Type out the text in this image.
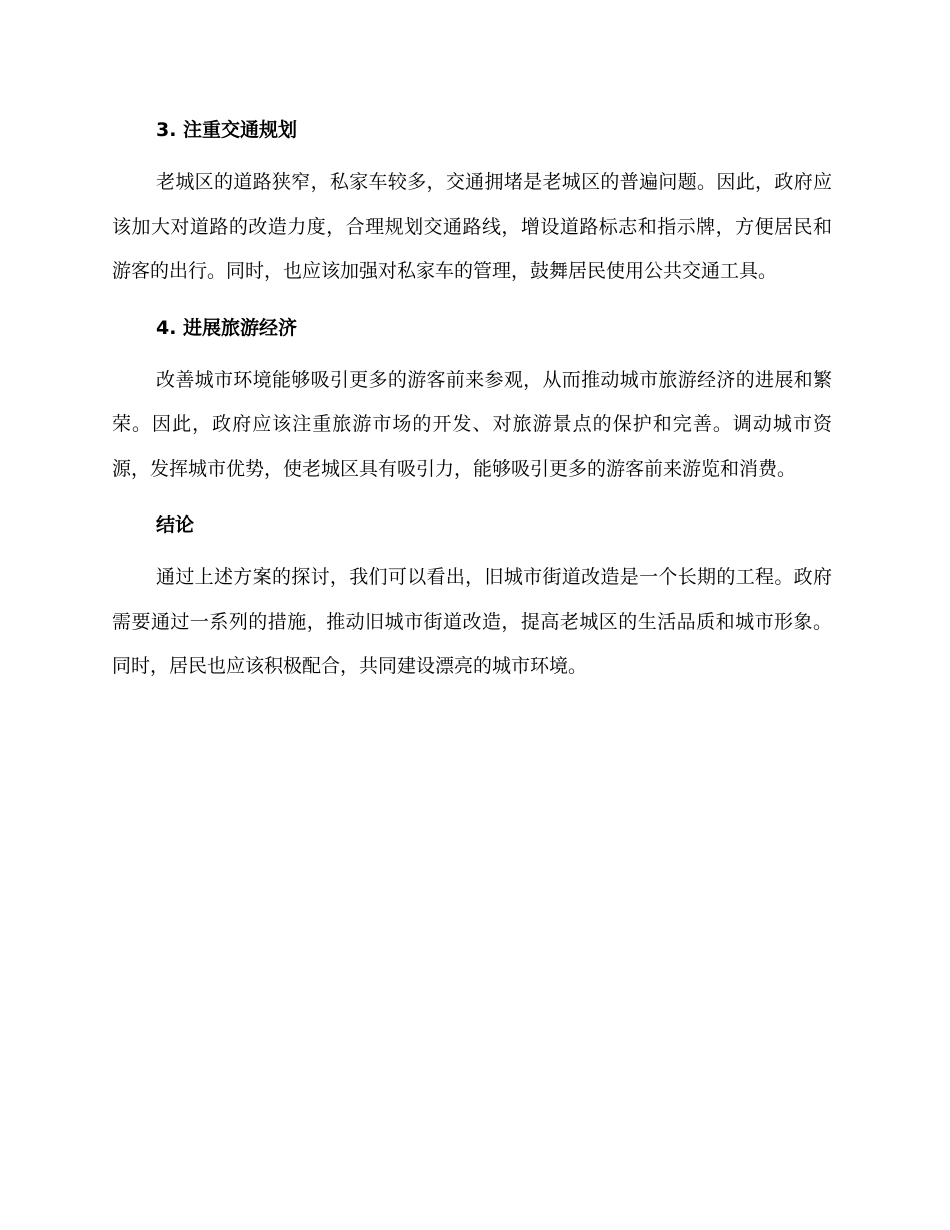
3. 注重交通规划

老城区的道路狭窄，私家车较多，交通拥堵是老城区的普遍问题。因此，政府应该加大对道路的改造力度，合理规划交通路线，增设道路标志和指示牌，方便居民和游客的出行。同时，也应该加强对私家车的管理，鼓舞居民使用公共交通工具。

4. 进展旅游经济

改善城市环境能够吸引更多的游客前来参观，从而推动城市旅游经济的进展和繁荣。因此，政府应该注重旅游市场的开发、对旅游景点的保护和完善。调动城市资源，发挥城市优势，使老城区具有吸引力，能够吸引更多的游客前来游览和消费。

结论

通过上述方案的探讨，我们可以看出，旧城市街道改造是一个长期的工程。政府需要通过一系列的措施，推动旧城市街道改造，提高老城区的生活品质和城市形象。同时，居民也应该积极配合，共同建设漂亮的城市环境。
